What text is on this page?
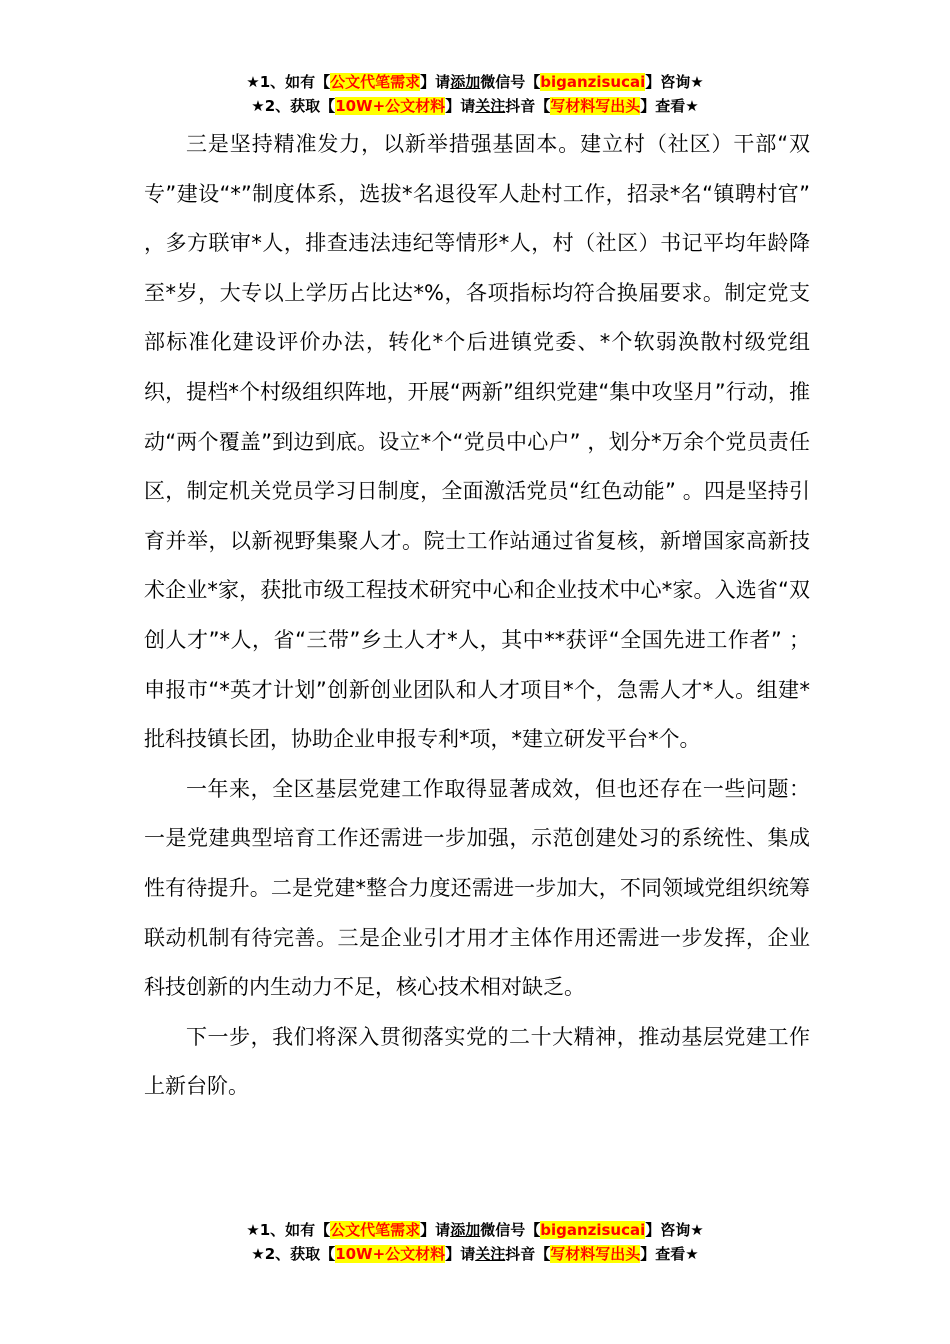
★1、如有【公文代笔需求】请添加微信号【biganzisucai】咨询★
★2、获取【10W+公文材料】请关注抖音【写材料写出头】查看★

三是坚持精准发力，以新举措强基固本。建立村（社区）干部“双专”建设“*”制度体系，选拔*名退役军人赴村工作，招录*名“镇聘村官” ，多方联审*人，排查违法违纪等情形*人，村（社区）书记平均年龄降至*岁，大专以上学历占比达*%，各项指标均符合换届要求。制定党支部标准化建设评价办法，转化*个后进镇党委、*个软弱涣散村级党组织，提档*个村级组织阵地，开展“两新”组织党建“集中攻坚月”行动，推动“两个覆盖”到边到底。设立*个“党员中心户” ，划分*万余个党员责任区，制定机关党员学习日制度，全面激活党员“红色动能” 。四是坚持引育并举，以新视野集聚人才。院士工作站通过省复核，新增国家高新技术企业*家，获批市级工程技术研究中心和企业技术中心*家。入选省“双创人才”*人，省“三带”乡土人才*人，其中**获评“全国先进工作者” ；申报市“*英才计划”创新创业团队和人才项目*个，急需人才*人。组建*批科技镇长团，协助企业申报专利*项，*建立研发平台*个。

一年来，全区基层党建工作取得显著成效，但也还存在一些问题：一是党建典型培育工作还需进一步加强，示范创建处习的系统性、集成性有待提升。二是党建*整合力度还需进一步加大，不同领域党组织统筹联动机制有待完善。三是企业引才用才主体作用还需进一步发挥，企业科技创新的内生动力不足，核心技术相对缺乏。

下一步，我们将深入贯彻落实党的二十大精神，推动基层党建工作上新台阶。

★1、如有【公文代笔需求】请添加微信号【biganzisucai】咨询★
★2、获取【10W+公文材料】请关注抖音【写材料写出头】查看★
